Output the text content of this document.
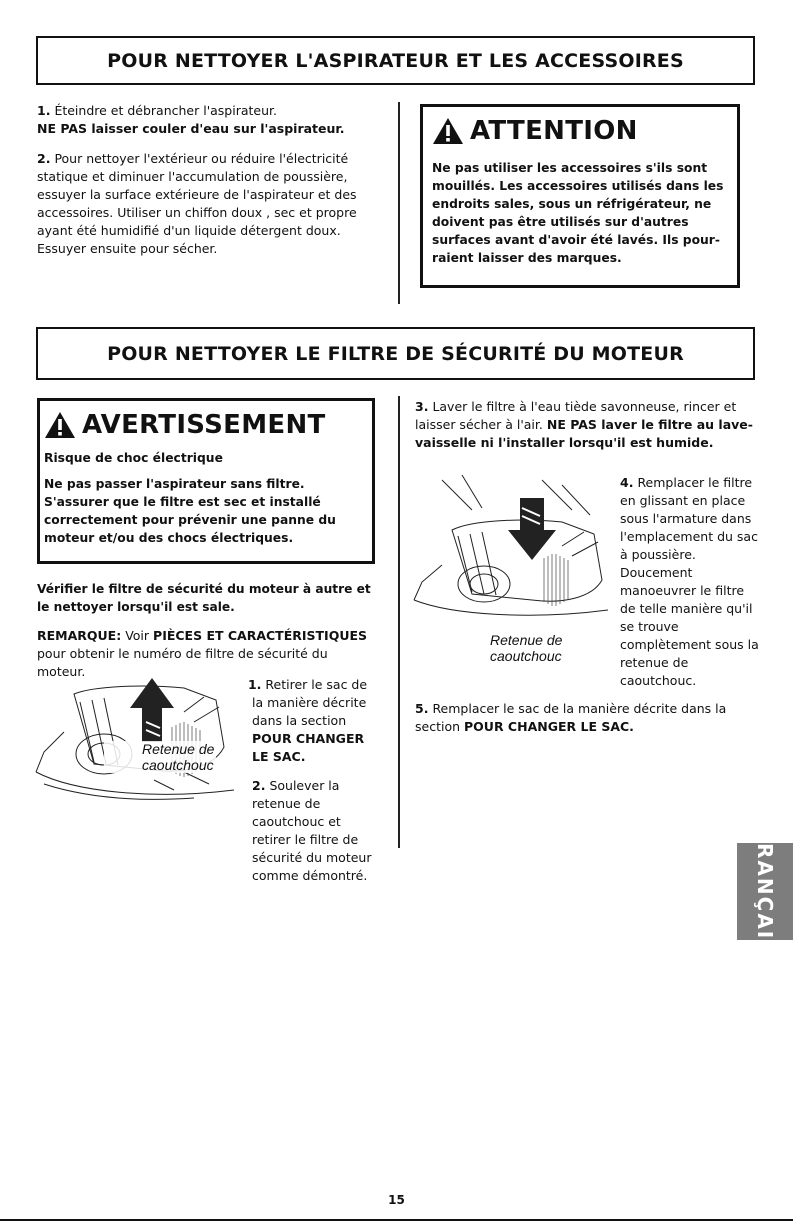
POUR NETTOYER L'ASPIRATEUR ET LES ACCESSOIRES

1. Éteindre et débrancher l'aspirateur.

NE PAS laisser couler d'eau sur l'aspirateur.

2. Pour nettoyer l'extérieur ou réduire l'électricité statique et diminuer l'accumulation de poussière, essuyer la surface extérieure de l'aspirateur et des accessoires. Utiliser un chiffon doux , sec et propre ayant été humidifié d'un liquide détergent doux. Essuyer ensuite pour sécher.

ATTENTION

Ne pas utiliser les accessoires s'ils sont mouillés. Les accessoires utilisés dans les endroits sales, sous un réfrigérateur, ne doivent pas être utilisés sur d'autres surfaces avant d'avoir été lavés. Ils pour-raient laisser des marques.

POUR NETTOYER LE FILTRE DE SÉCURITÉ DU MOTEUR
AVERTISSEMENT

Risque de choc électrique

Ne pas passer l'aspirateur sans filtre. S'assurer que le filtre est sec et installé correctement pour prévenir une panne du moteur et/ou des chocs électriques.

Vérifier le filtre de sécurité du moteur à autre et le nettoyer lorsqu'il est sale.

REMARQUE: Voir PIÈCES ET CARACTÉRISTIQUES pour obtenir le numéro de filtre de sécurité du moteur.

Retenue de
caoutchouc

1. Retirer le sac de la manière décrite dans la section POUR CHANGER LE SAC.

2. Soulever la retenue de caoutchouc et retirer le filtre de sécurité du moteur comme démontré.

3. Laver le filtre à l'eau tiède savonneuse, rincer et laisser sécher à l'air. NE PAS laver le filtre au lave-vaisselle ni l'installer lorsqu'il est humide.

Retenue de
caoutchouc

4. Remplacer le filtre en glissant en place sous l'armature dans l'emplacement du sac à poussière. Doucement manoeuvrer le filtre de telle manière qu'il se trouve complètement sous la retenue de caoutchouc.

5. Remplacer le sac de la manière décrite dans la section POUR CHANGER LE SAC.

FRANÇAIS
15
